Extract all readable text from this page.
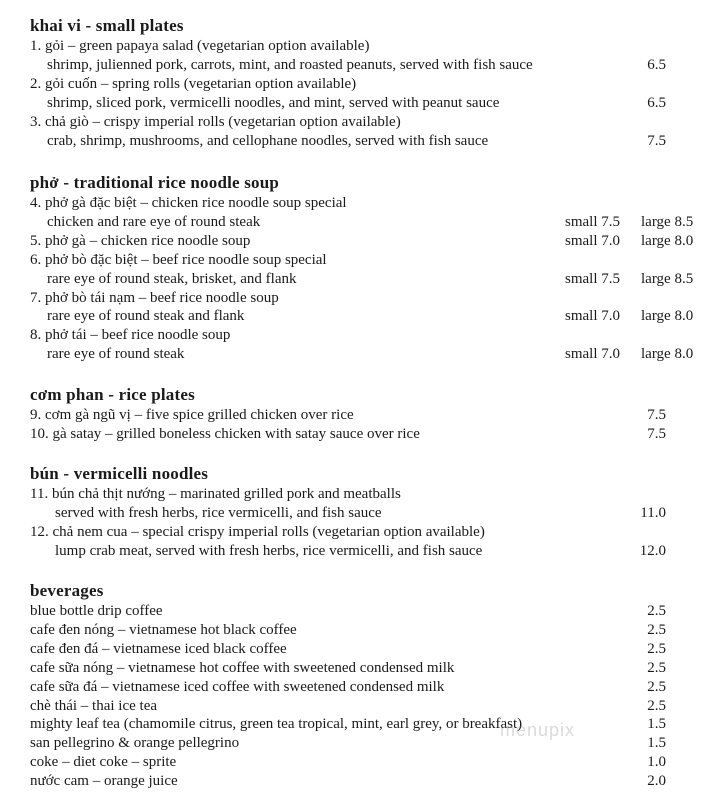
khai vi - small plates
1. gỏi – green papaya salad (vegetarian option available)
shrimp, julienned pork, carrots, mint, and roasted peanuts, served with fish sauce	6.5
2. gỏi cuốn – spring rolls (vegetarian option available)
shrimp, sliced pork, vermicelli noodles, and mint, served with peanut sauce	6.5
3. chả giò – crispy imperial rolls (vegetarian option available)
crab, shrimp, mushrooms, and cellophane noodles, served with fish sauce	7.5
phở - traditional rice noodle soup
4. phở gà đặc biệt – chicken rice noodle soup special
chicken and rare eye of round steak	small 7.5 large 8.5
5. phở gà – chicken rice noodle soup	small 7.0 large 8.0
6. phở bò đặc biệt – beef rice noodle soup special
rare eye of round steak, brisket, and flank	small 7.5 large 8.5
7. phở bò tái nạm – beef rice noodle soup
rare eye of round steak and flank	small 7.0 large 8.0
8. phở tái – beef rice noodle soup
rare eye of round steak	small 7.0 large 8.0
cơm phan - rice plates
9. cơm gà ngũ vị – five spice grilled chicken over rice	7.5
10. gà satay – grilled boneless chicken with satay sauce over rice	7.5
bún - vermicelli noodles
11. bún chả thịt nướng – marinated grilled pork and meatballs
served with fresh herbs, rice vermicelli, and fish sauce	11.0
12. chả nem cua – special crispy imperial rolls (vegetarian option available)
lump crab meat, served with fresh herbs, rice vermicelli, and fish sauce	12.0
beverages
blue bottle drip coffee	2.5
cafe đen nóng – vietnamese hot black coffee	2.5
cafe đen đá – vietnamese iced black coffee	2.5
cafe sữa nóng – vietnamese hot coffee with sweetened condensed milk	2.5
cafe sữa đá – vietnamese iced coffee with sweetened condensed milk	2.5
chè thái – thai ice tea	2.5
mighty leaf tea (chamomile citrus, green tea tropical, mint, earl grey, or breakfast)	1.5
san pellegrino & orange pellegrino	1.5
coke – diet coke – sprite	1.0
nước cam – orange juice	2.0
menupix
